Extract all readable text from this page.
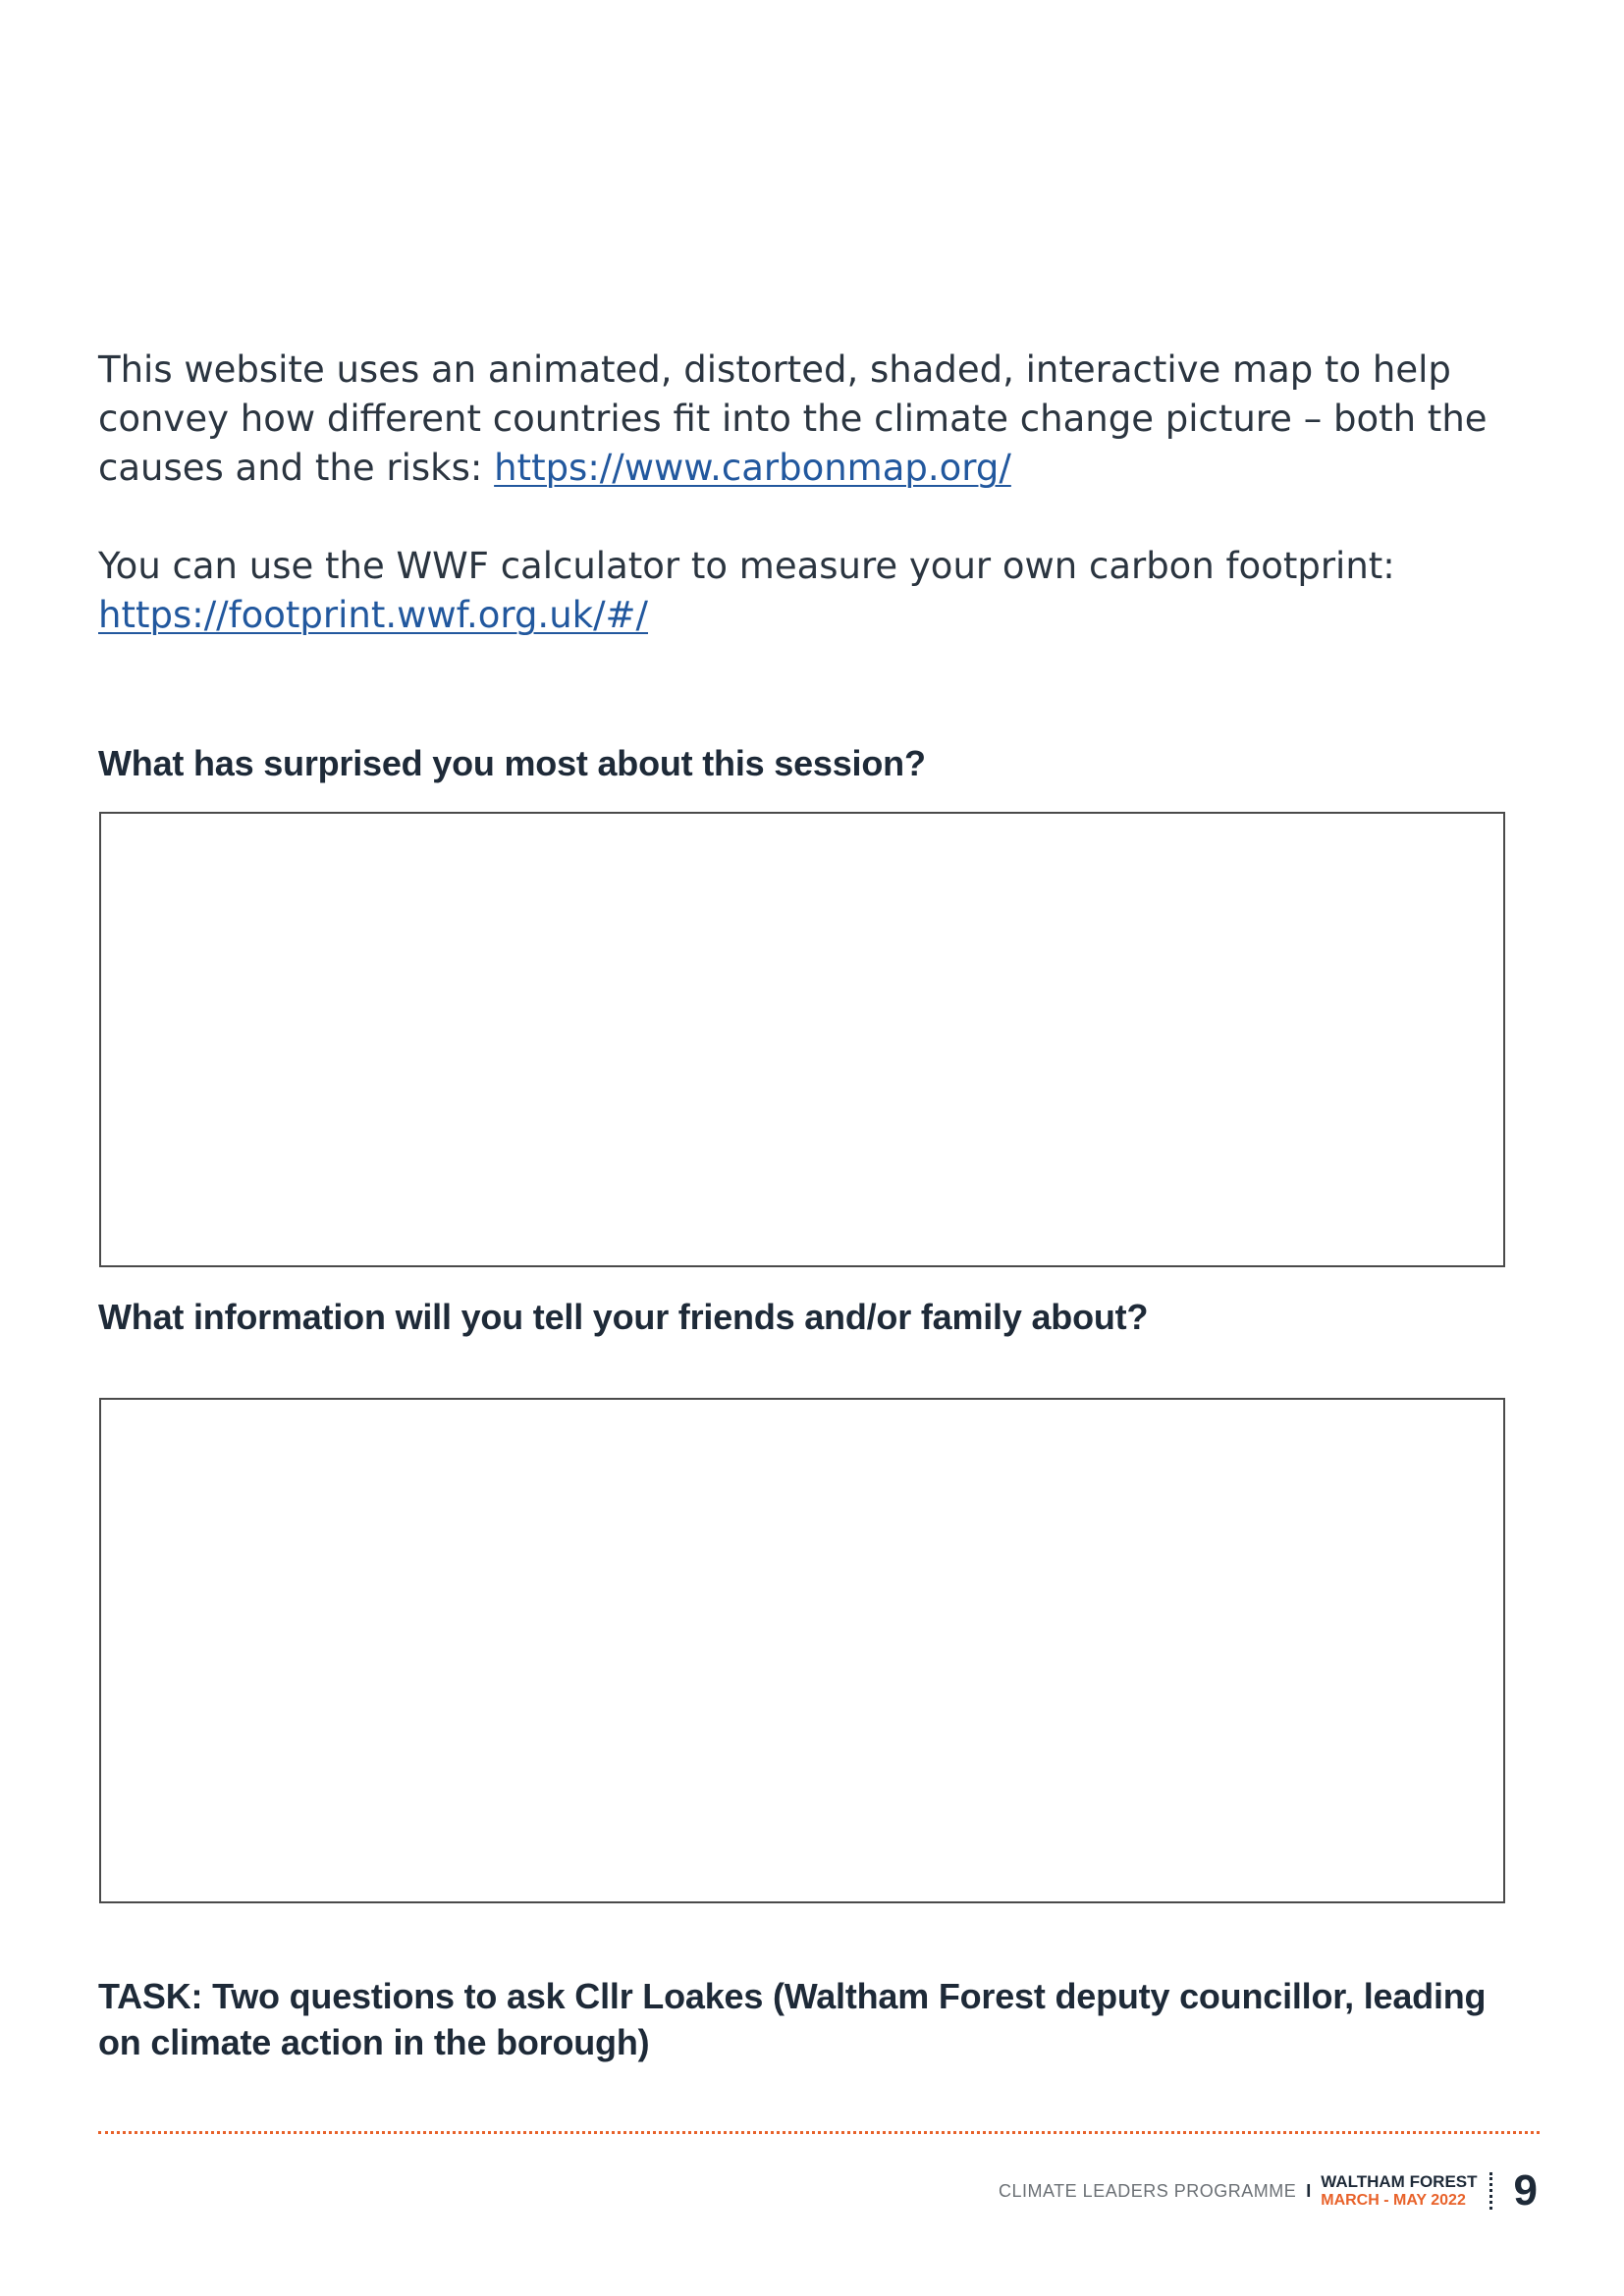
This website uses an animated, distorted, shaded, interactive map to help convey how different countries fit into the climate change picture – both the causes and the risks: https://www.carbonmap.org/

You can use the WWF calculator to measure your own carbon footprint:
https://footprint.wwf.org.uk/#/

What has surprised you most about this session?
What information will you tell your friends and/or family about?
TASK: Two questions to ask Cllr Loakes (Waltham Forest deputy councillor, leading on climate action in the borough)
CLIMATE LEADERS PROGRAMME I WALTHAM FOREST
MARCH - MAY 2022 9
